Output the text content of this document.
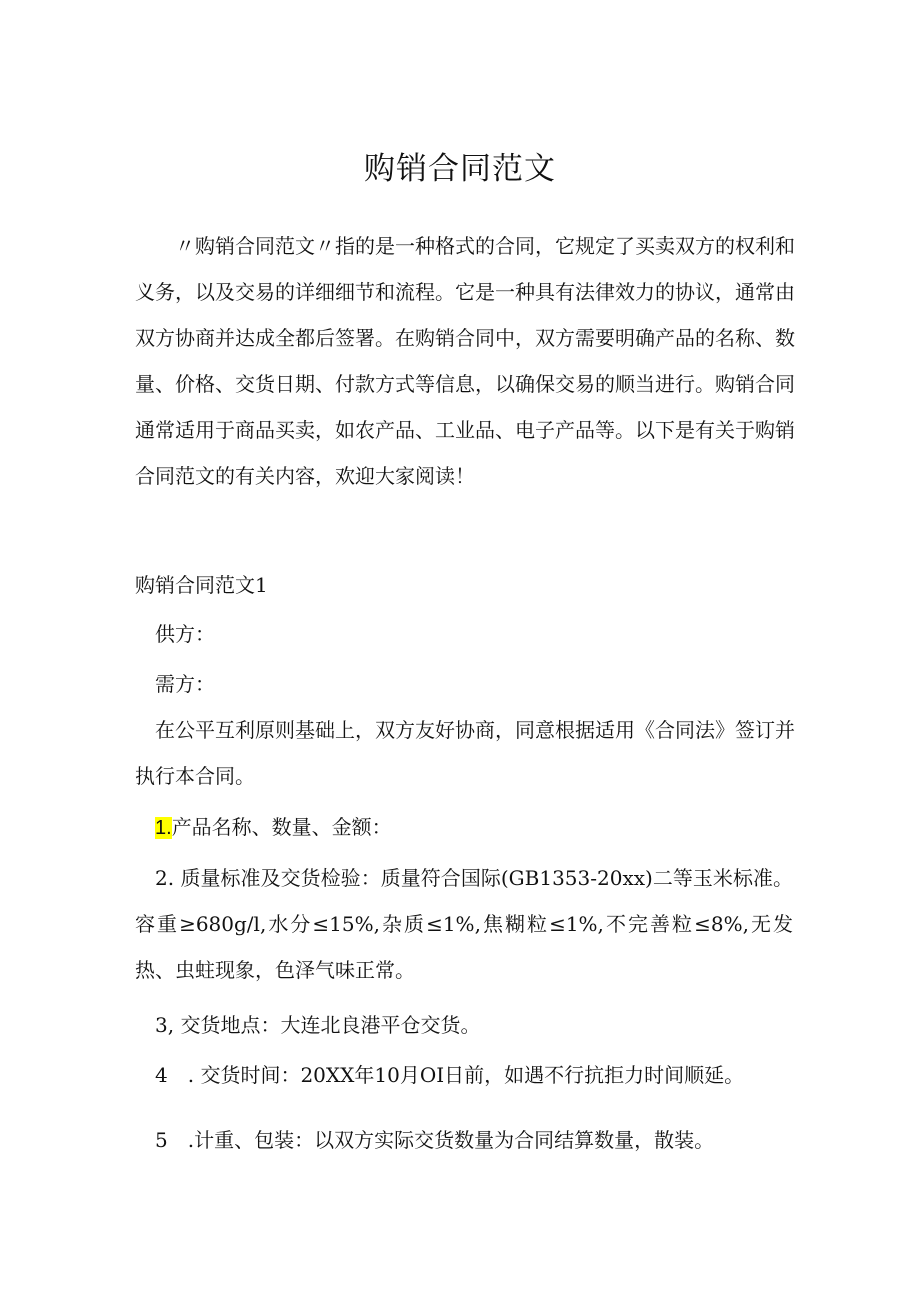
购销合同范文

〃购销合同范文〃指的是一种格式的合同，它规定了买卖双方的权利和义务，以及交易的详细细节和流程。它是一种具有法律效力的协议，通常由双方协商并达成全都后签署。在购销合同中，双方需要明确产品的名称、数量、价格、交货日期、付款方式等信息，以确保交易的顺当进行。购销合同通常适用于商品买卖，如农产品、工业品、电子产品等。以下是有关于购销合同范文的有关内容，欢迎大家阅读！

购销合同范文1

供方：

需方：

在公平互利原则基础上，双方友好协商，同意根据适用《合同法》签订并执行本合同。

1.产品名称、数量、金额：

2. 质量标准及交货检验：质量符合国际(GB1353-20xx)二等玉米标准。容重≥680g/l,水分≤15%,杂质≤1%,焦糊粒≤1%,不完善粒≤8%,无发热、虫蛀现象，色泽气味正常。

3, 交货地点：大连北良港平仓交货。

4　. 交货时间：20XX年10月OI日前，如遇不行抗拒力时间顺延。

5　.计重、包装：以双方实际交货数量为合同结算数量，散装。
